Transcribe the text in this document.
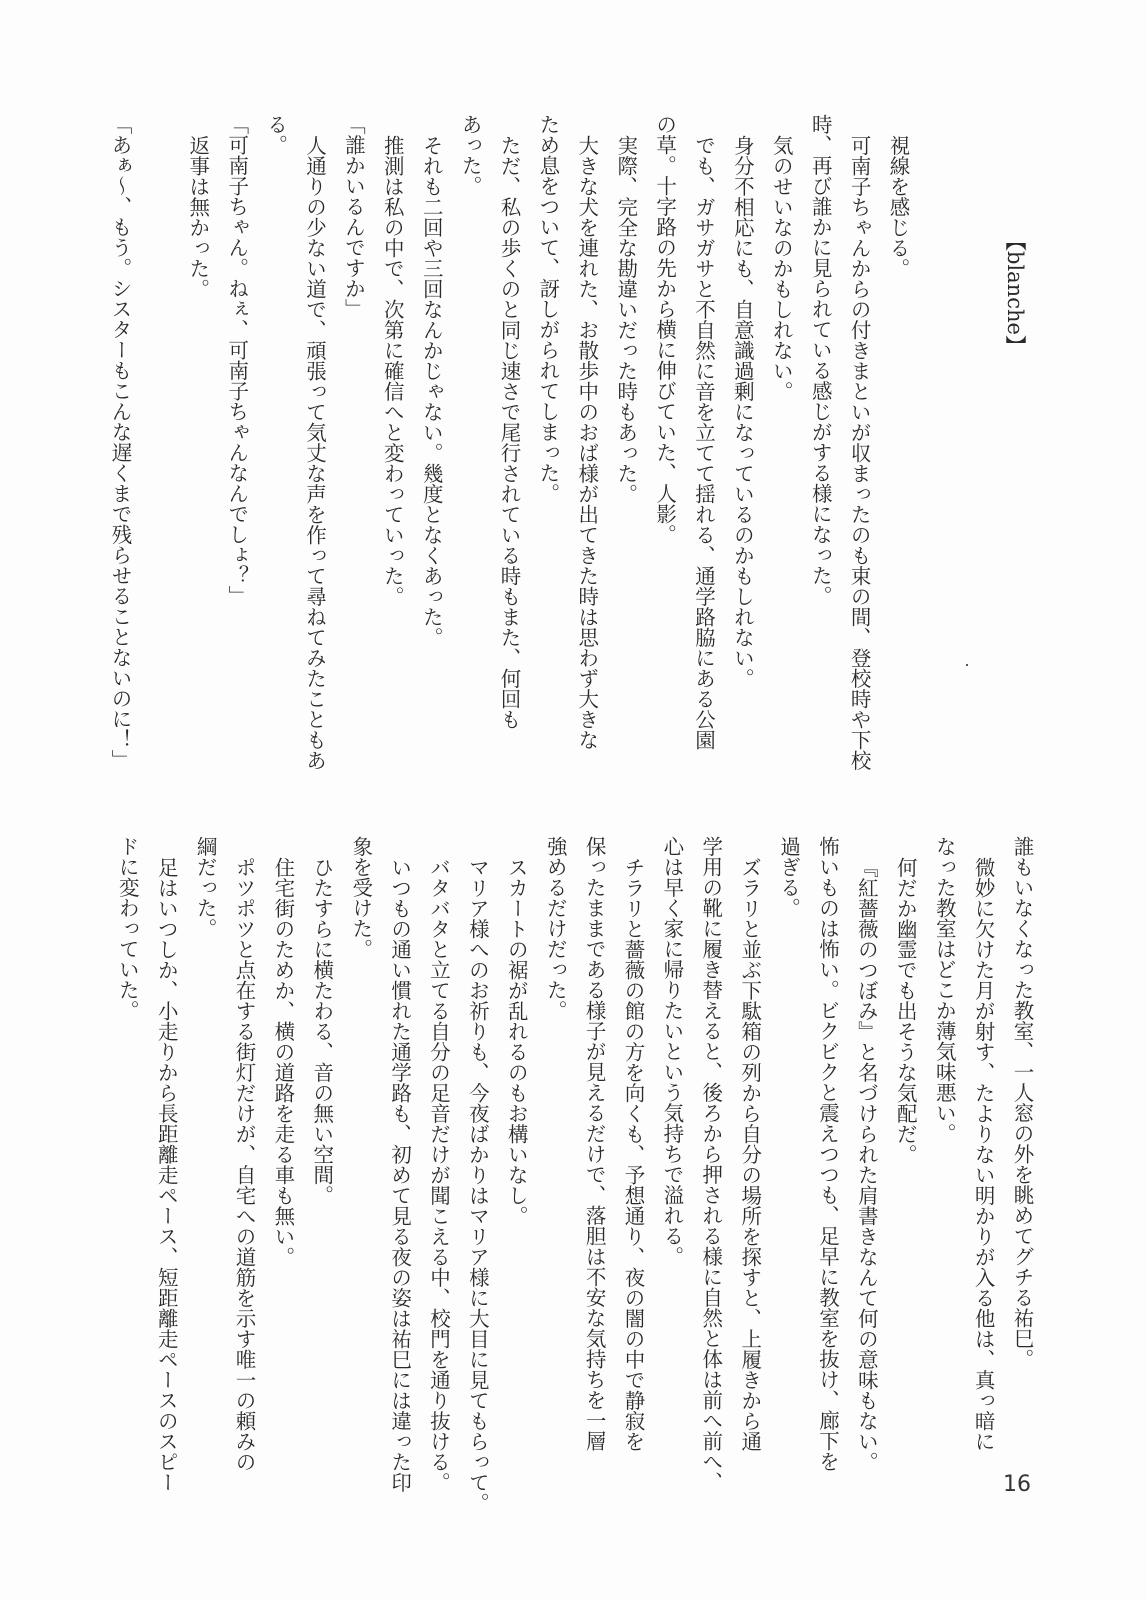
【blanche】
視線を感じる。
可南子ちゃんからの付きまといが収まったのも束の間、登校時や下校
時、再び誰かに見られている感じがする様になった。
気のせいなのかもしれない。
身分不相応にも、自意識過剰になっているのかもしれない。
でも、ガサガサと不自然に音を立てて揺れる、通学路脇にある公園
の草。十字路の先から横に伸びていた、人影。
実際、完全な勘違いだった時もあった。
大きな犬を連れた、お散歩中のおば様が出てきた時は思わず大きな
ため息をついて、訝しがられてしまった。
ただ、私の歩くのと同じ速さで尾行されている時もまた、何回も
あった。
それも二回や三回なんかじゃない。幾度となくあった。
推測は私の中で、次第に確信へと変わっていった。
「誰かいるんですか」
人通りの少ない道で、頑張って気丈な声を作って尋ねてみたこともあ
る。
「可南子ちゃん。ねぇ、可南子ちゃんなんでしょ？」
返事は無かった。
「あぁ～、もう。シスターもこんな遅くまで残らせることないのに！」
誰もいなくなった教室、一人窓の外を眺めてグチる祐巳。
微妙に欠けた月が射す、たよりない明かりが入る他は、真っ暗に
なった教室はどこか薄気味悪い。
何だか幽霊でも出そうな気配だ。
『紅薔薇のつぼみ』と名づけられた肩書きなんて何の意味もない。
怖いものは怖い。ビクビクと震えつつも、足早に教室を抜け、廊下を
過ぎる。
ズラリと並ぶ下駄箱の列から自分の場所を探すと、上履きから通
学用の靴に履き替えると、後ろから押される様に自然と体は前へ前へ、
心は早く家に帰りたいという気持ちで溢れる。
チラリと薔薇の館の方を向くも、予想通り、夜の闇の中で静寂を
保ったままである様子が見えるだけで、落胆は不安な気持ちを一層
強めるだけだった。
スカートの裾が乱れるのもお構いなし。
マリア様へのお祈りも、今夜ばかりはマリア様に大目に見てもらって。
バタバタと立てる自分の足音だけが聞こえる中、校門を通り抜ける。
いつもの通い慣れた通学路も、初めて見る夜の姿は祐巳には違った印
象を受けた。
ひたすらに横たわる、音の無い空間。
住宅街のためか、横の道路を走る車も無い。
ポツポツと点在する街灯だけが、自宅への道筋を示す唯一の頼みの
綱だった。
足はいつしか、小走りから長距離走ペース、短距離走ペースのスピー
ドに変わっていた。
16
